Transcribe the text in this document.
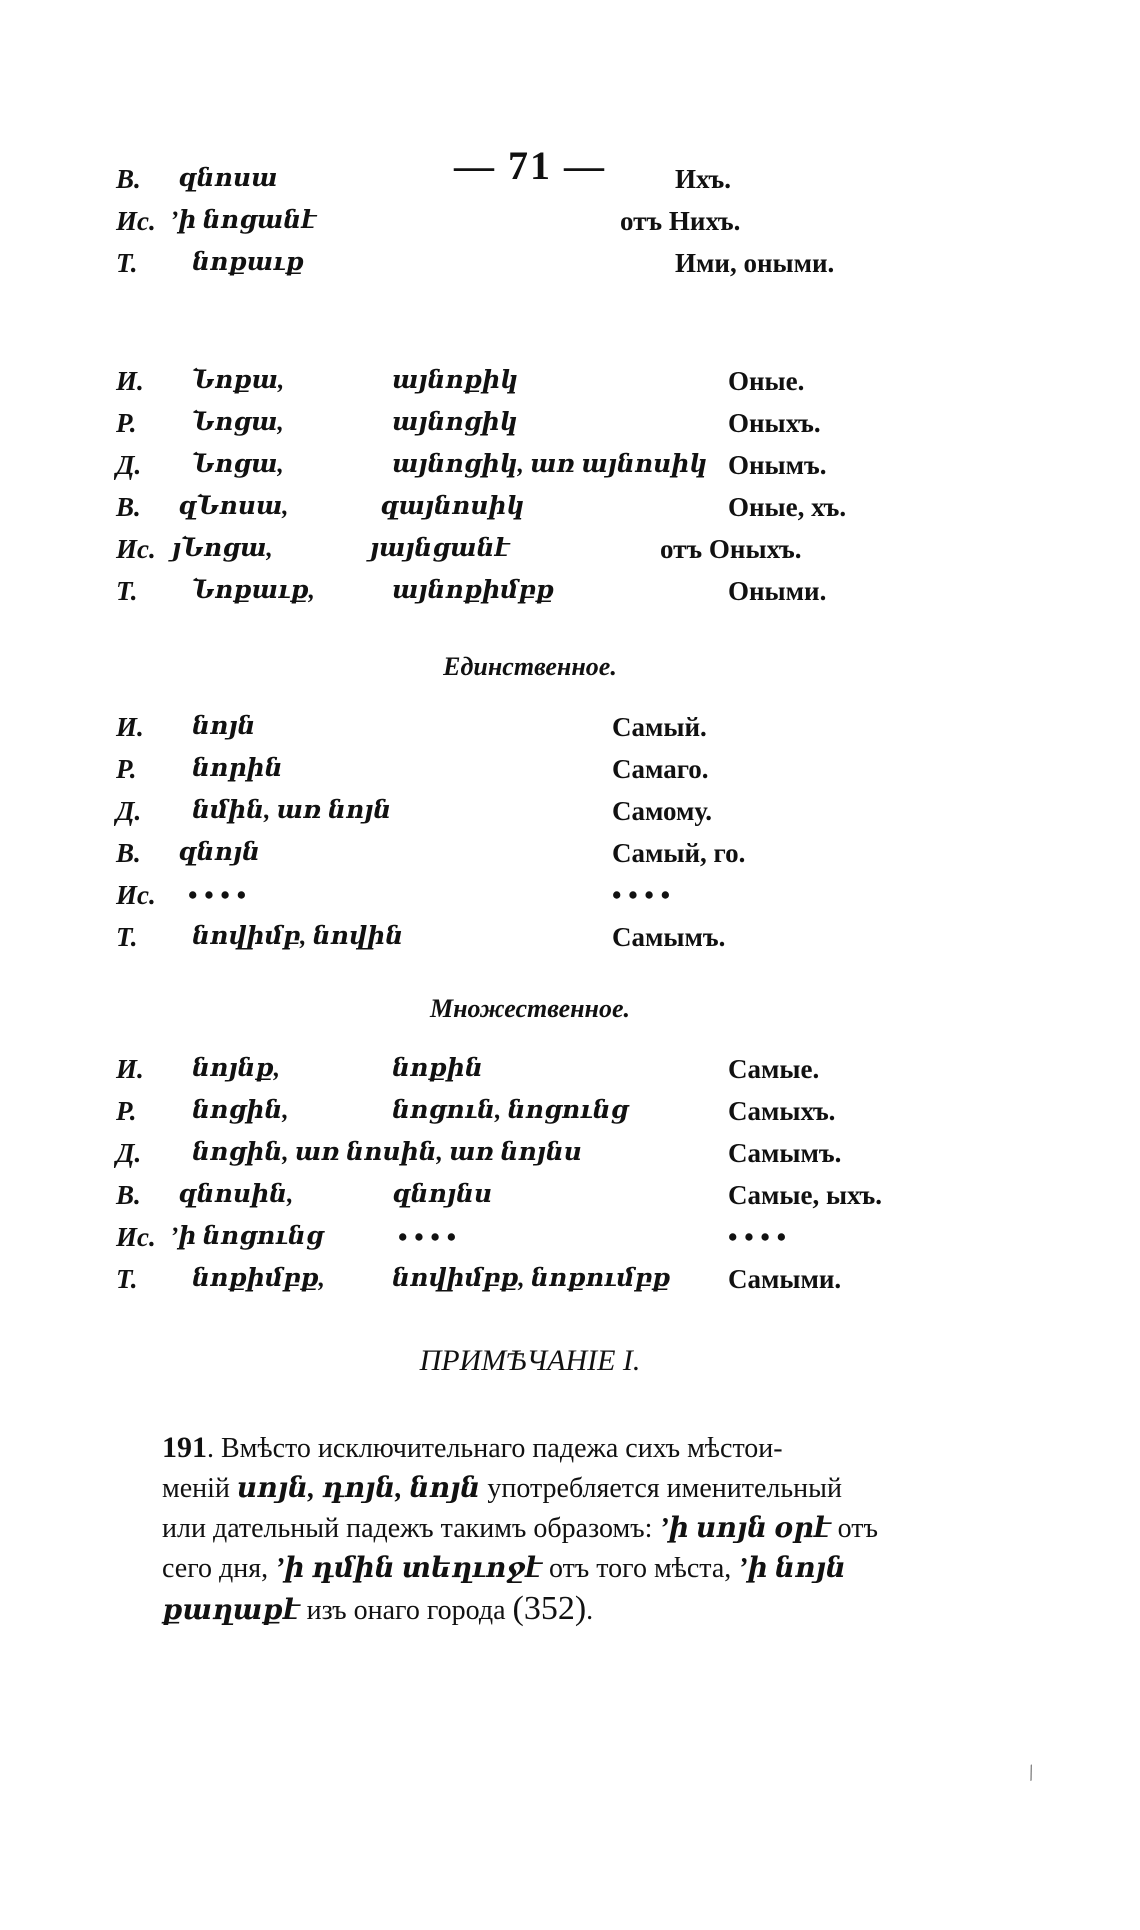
— 71 —
В. զնոսա	Ихъ.
Ис. ’ի նոցանէ	отъ Нихъ.
Т. նոքաւք	Ими, оными.
И. Նոքա,	այնոքիկ	Оные.
Р. Նոցա,	այնոցիկ	Оныхъ.
Д. Նոցա,	այնոցիկ, առ այնոսիկ Онымъ.
В. զՆոսա,	զայնոսիկ	Оные, хъ.
Ис. յՆոցա,	յայնցանէ	отъ Оныхъ.
Т. Նոքաւք,	այնոքիմբք	Оными.
Единственное.
И. նոյն	Самый.
Р. նորին	Самаго.
Д. նմին, առ նոյն	Самому.
В. զնոյն	Самый, го.
Ис. • • • •	• • • •
Т. նովիմբ, նովին	Самымъ.
Множественное.
И. նոյնք,	նոքին	Самые.
Р. նոցին,	նոցուն, նոցունց	Самыхъ.
Д. նոցին, առ նոսին, առ նոյնս	Самымъ.
В. զնոսին,	զնոյնս	Самые, ыхъ.
Ис. ’ի նոցունց	• • • •	• • • •
Т. նոքիմբք,	նովիմբք, նոքումբք Самыми.
ПРИМѢЧАНІЕ I.
191. Вмѣсто исключительнаго падежа сихъ мѣстои-
меній սոյն, դոյն, նոյն употребляется именительный
или дательный падежъ такимъ образомъ: ’ի սոյն օրէ отъ
сего дня, ’ի դմին տեղւոջէ отъ того мѣста, ’ի նոյն
քաղաքէ изъ онаго города (352).
⁄
